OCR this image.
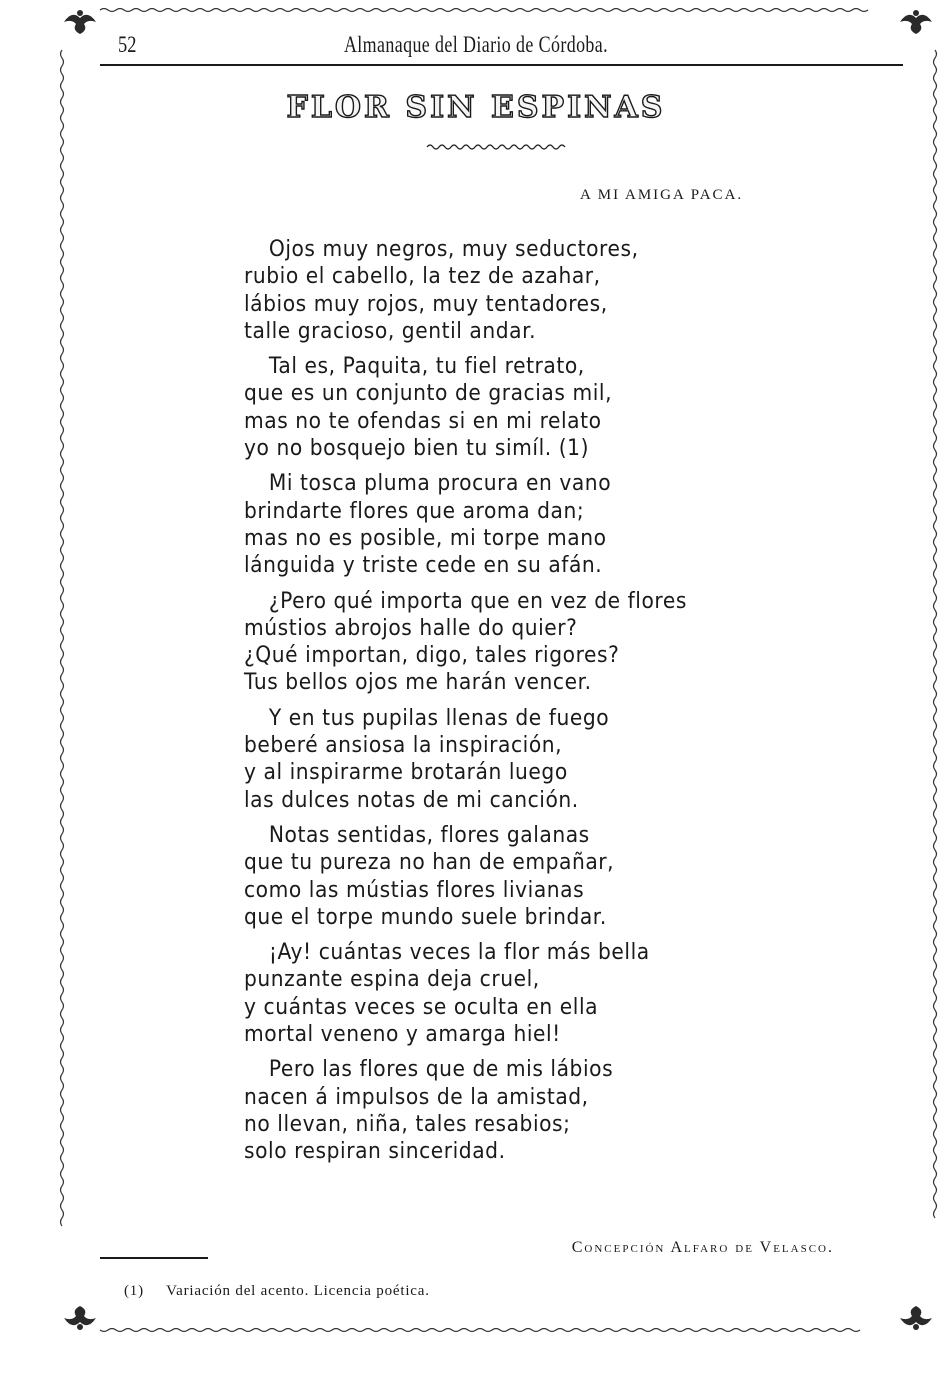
52	Almanaque del Diario de Córdoba.
FLOR SIN ESPINAS
A MI AMIGA PACA.
Ojos muy negros, muy seductores,
rubio el cabello, la tez de azahar,
lábios muy rojos, muy tentadores,
talle gracioso, gentil andar.
Tal es, Paquita, tu fiel retrato,
que es un conjunto de gracias mil,
mas no te ofendas si en mi relato
yo no bosquejo bien tu simíl. (1)
Mi tosca pluma procura en vano
brindarte flores que aroma dan;
mas no es posible, mi torpe mano
lánguida y triste cede en su afán.
¿Pero qué importa que en vez de flores
mústios abrojos halle do quier?
¿Qué importan, digo, tales rigores?
Tus bellos ojos me harán vencer.
Y en tus pupilas llenas de fuego
beberé ansiosa la inspiración,
y al inspirarme brotarán luego
las dulces notas de mi canción.
Notas sentidas, flores galanas
que tu pureza no han de empañar,
como las mústias flores livianas
que el torpe mundo suele brindar.
¡Ay! cuántas veces la flor más bella
punzante espina deja cruel,
y cuántas veces se oculta en ella
mortal veneno y amarga hiel!
Pero las flores que de mis lábios
nacen á impulsos de la amistad,
no llevan, niña, tales resabios;
solo respiran sinceridad.
Concepción Alfaro de Velasco.
(1) Variación del acento. Licencia poética.
